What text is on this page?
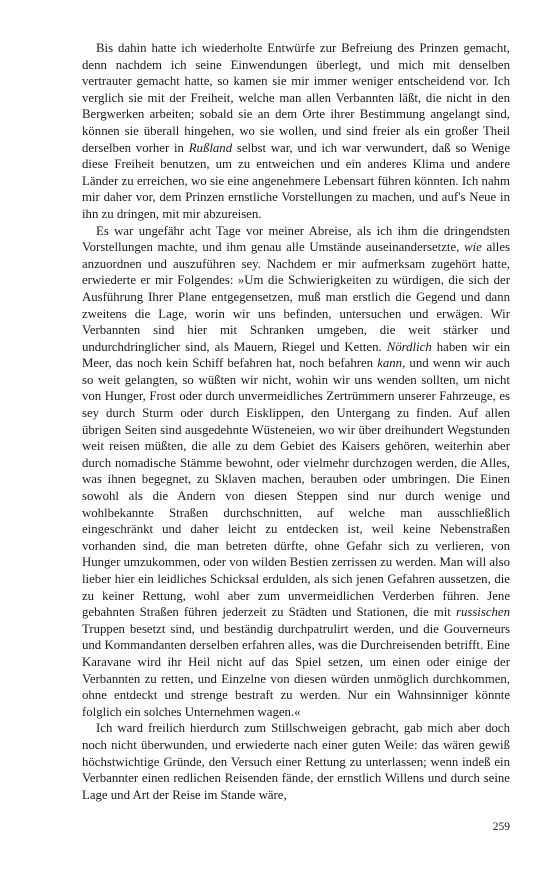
Bis dahin hatte ich wiederholte Entwürfe zur Befreiung des Prinzen gemacht, denn nachdem ich seine Einwendungen überlegt, und mich mit denselben vertrauter gemacht hatte, so kamen sie mir immer weniger entscheidend vor. Ich verglich sie mit der Freiheit, welche man allen Verbannten läßt, die nicht in den Bergwerken arbeiten; sobald sie an dem Orte ihrer Bestimmung angelangt sind, können sie überall hingehen, wo sie wollen, und sind freier als ein großer Theil derselben vorher in Rußland selbst war, und ich war verwundert, daß so Wenige diese Freiheit benutzen, um zu entweichen und ein anderes Klima und andere Länder zu erreichen, wo sie eine angenehmere Lebensart führen könnten. Ich nahm mir daher vor, dem Prinzen ernstliche Vorstellungen zu machen, und auf's Neue in ihn zu dringen, mit mir abzureisen.

Es war ungefähr acht Tage vor meiner Abreise, als ich ihm die dringendsten Vorstellungen machte, und ihm genau alle Umstände auseinandersetzte, wie alles anzuordnen und auszuführen sey. Nachdem er mir aufmerksam zugehört hatte, erwiederte er mir Folgendes: »Um die Schwierigkeiten zu würdigen, die sich der Ausführung Ihrer Plane entgegensetzen, muß man erstlich die Gegend und dann zweitens die Lage, worin wir uns befinden, untersuchen und erwägen. Wir Verbannten sind hier mit Schranken umgeben, die weit stärker und undurchdringlicher sind, als Mauern, Riegel und Ketten. Nördlich haben wir ein Meer, das noch kein Schiff befahren hat, noch befahren kann, und wenn wir auch so weit gelangten, so wüßten wir nicht, wohin wir uns wenden sollten, um nicht von Hunger, Frost oder durch unvermeidliches Zertrümmern unserer Fahrzeuge, es sey durch Sturm oder durch Eisklippen, den Untergang zu finden. Auf allen übrigen Seiten sind ausgedehnte Wüsteneien, wo wir über dreihundert Wegstunden weit reisen müßten, die alle zu dem Gebiet des Kaisers gehören, weiterhin aber durch nomadische Stämme bewohnt, oder vielmehr durchzogen werden, die Alles, was ihnen begegnet, zu Sklaven machen, berauben oder umbringen. Die Einen sowohl als die Andern von diesen Steppen sind nur durch wenige und wohlbekannte Straßen durchschnitten, auf welche man ausschließlich eingeschränkt und daher leicht zu entdecken ist, weil keine Nebenstraßen vorhanden sind, die man betreten dürfte, ohne Gefahr sich zu verlieren, von Hunger umzukommen, oder von wilden Bestien zerrissen zu werden. Man will also lieber hier ein leidliches Schicksal erdulden, als sich jenen Gefahren aussetzen, die zu keiner Rettung, wohl aber zum unvermeidlichen Verderben führen. Jene gebahnten Straßen führen jederzeit zu Städten und Stationen, die mit russischen Truppen besetzt sind, und beständig durchpatrulirt werden, und die Gouverneurs und Kommandanten derselben erfahren alles, was die Durchreisenden betrifft. Eine Karavane wird ihr Heil nicht auf das Spiel setzen, um einen oder einige der Verbannten zu retten, und Einzelne von diesen würden unmöglich durchkommen, ohne entdeckt und strenge bestraft zu werden. Nur ein Wahnsinniger könnte folglich ein solches Unternehmen wagen.«

Ich ward freilich hierdurch zum Stillschweigen gebracht, gab mich aber doch noch nicht überwunden, und erwiederte nach einer guten Weile: das wären gewiß höchstwichtige Gründe, den Versuch einer Rettung zu unterlassen; wenn indeß ein Verbannter einen redlichen Reisenden fände, der ernstlich Willens und durch seine Lage und Art der Reise im Stande wäre,

259
